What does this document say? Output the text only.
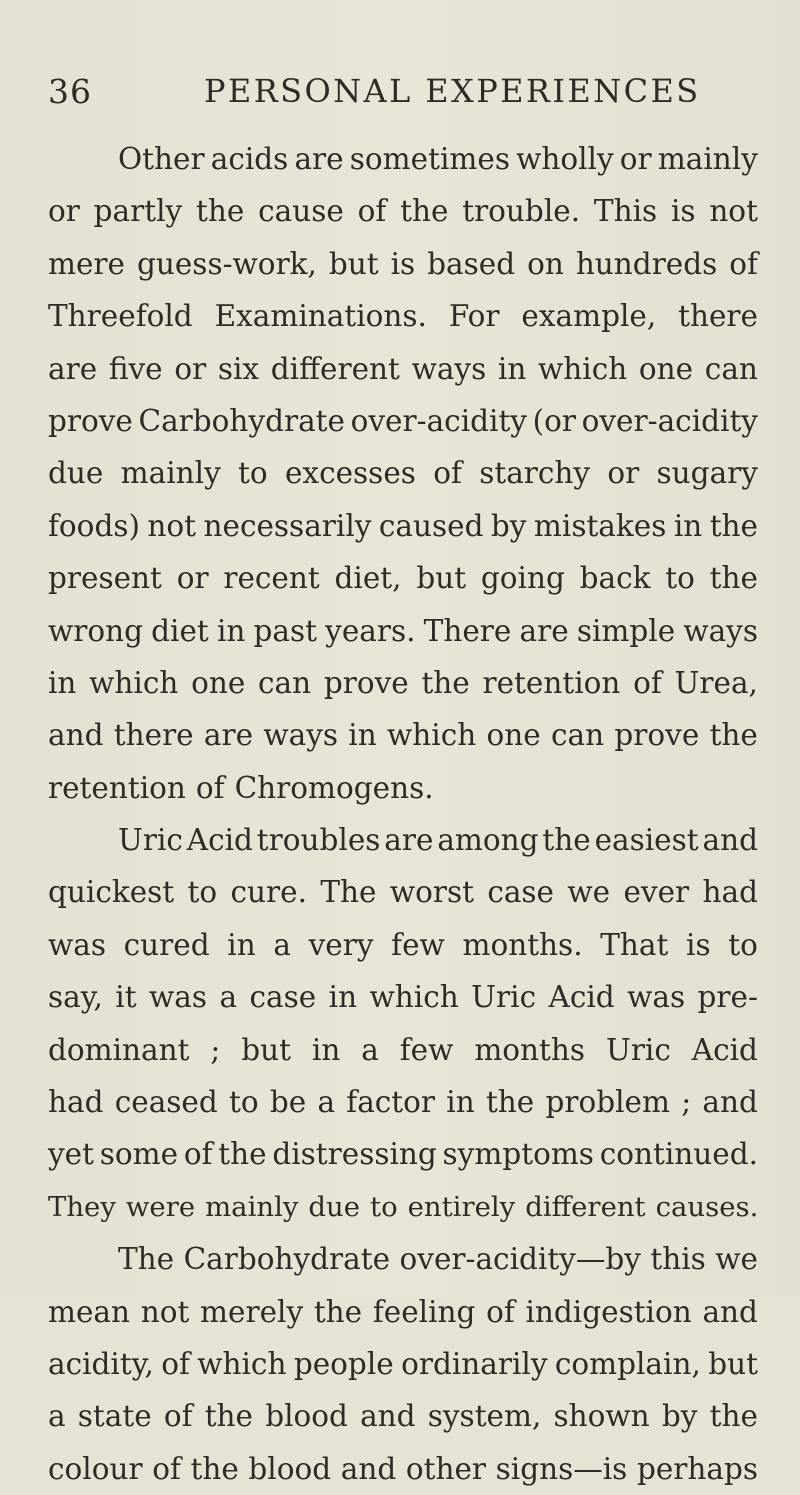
36	PERSONAL EXPERIENCES
Other acids are sometimes wholly or mainly
or partly the cause of the trouble. This is not
mere guess-work, but is based on hundreds of
Threefold Examinations. For example, there
are five or six different ways in which one can
prove Carbohydrate over-acidity (or over-acidity
due mainly to excesses of starchy or sugary
foods) not necessarily caused by mistakes in the
present or recent diet, but going back to the
wrong diet in past years. There are simple ways
in which one can prove the retention of Urea,
and there are ways in which one can prove the
retention of Chromogens.
Uric Acid troubles are among the easiest and
quickest to cure. The worst case we ever had
was cured in a very few months. That is to
say, it was a case in which Uric Acid was pre-
dominant ; but in a few months Uric Acid
had ceased to be a factor in the problem ; and
yet some of the distressing symptoms continued.
They were mainly due to entirely different causes.
The Carbohydrate over-acidity—by this we
mean not merely the feeling of indigestion and
acidity, of which people ordinarily complain, but
a state of the blood and system, shown by the
colour of the blood and other signs—is perhaps
